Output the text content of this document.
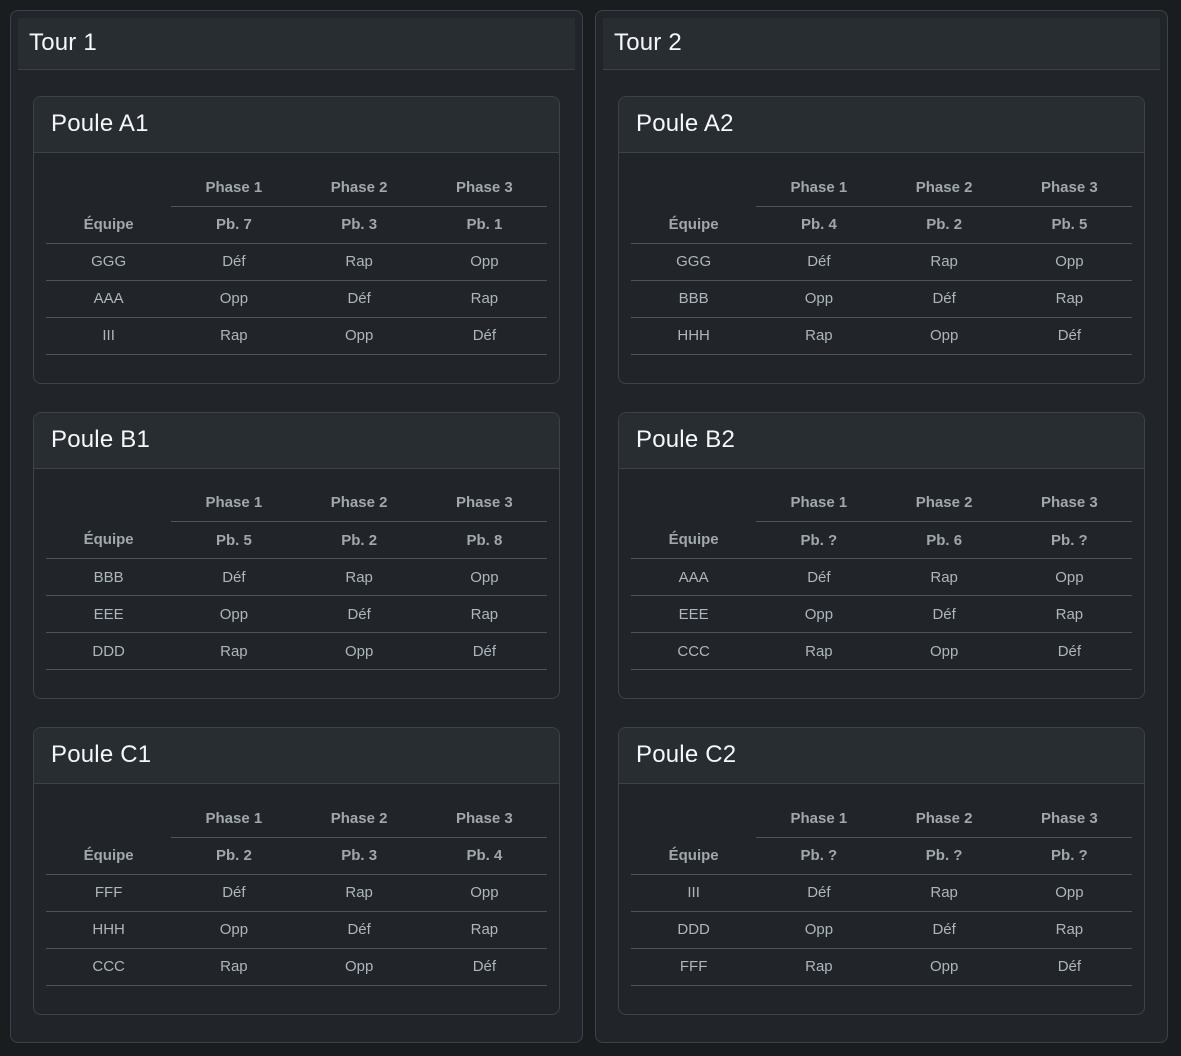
Tour 1
Poule A1
	Phase 1	Phase 2	Phase 3
Équipe	Pb. 7	Pb. 3	Pb. 1
GGG	Déf	Rap	Opp
AAA	Opp	Déf	Rap
III	Rap	Opp	Déf
Poule B1
	Phase 1	Phase 2	Phase 3
Équipe	Pb. 5	Pb. 2	Pb. 8
BBB	Déf	Rap	Opp
EEE	Opp	Déf	Rap
DDD	Rap	Opp	Déf
Poule C1
	Phase 1	Phase 2	Phase 3
Équipe	Pb. 2	Pb. 3	Pb. 4
FFF	Déf	Rap	Opp
HHH	Opp	Déf	Rap
CCC	Rap	Opp	Déf
Tour 2
Poule A2
	Phase 1	Phase 2	Phase 3
Équipe	Pb. 4	Pb. 2	Pb. 5
GGG	Déf	Rap	Opp
BBB	Opp	Déf	Rap
HHH	Rap	Opp	Déf
Poule B2
	Phase 1	Phase 2	Phase 3
Équipe	Pb. ?	Pb. 6	Pb. ?
AAA	Déf	Rap	Opp
EEE	Opp	Déf	Rap
CCC	Rap	Opp	Déf
Poule C2
	Phase 1	Phase 2	Phase 3
Équipe	Pb. ?	Pb. ?	Pb. ?
III	Déf	Rap	Opp
DDD	Opp	Déf	Rap
FFF	Rap	Opp	Déf
